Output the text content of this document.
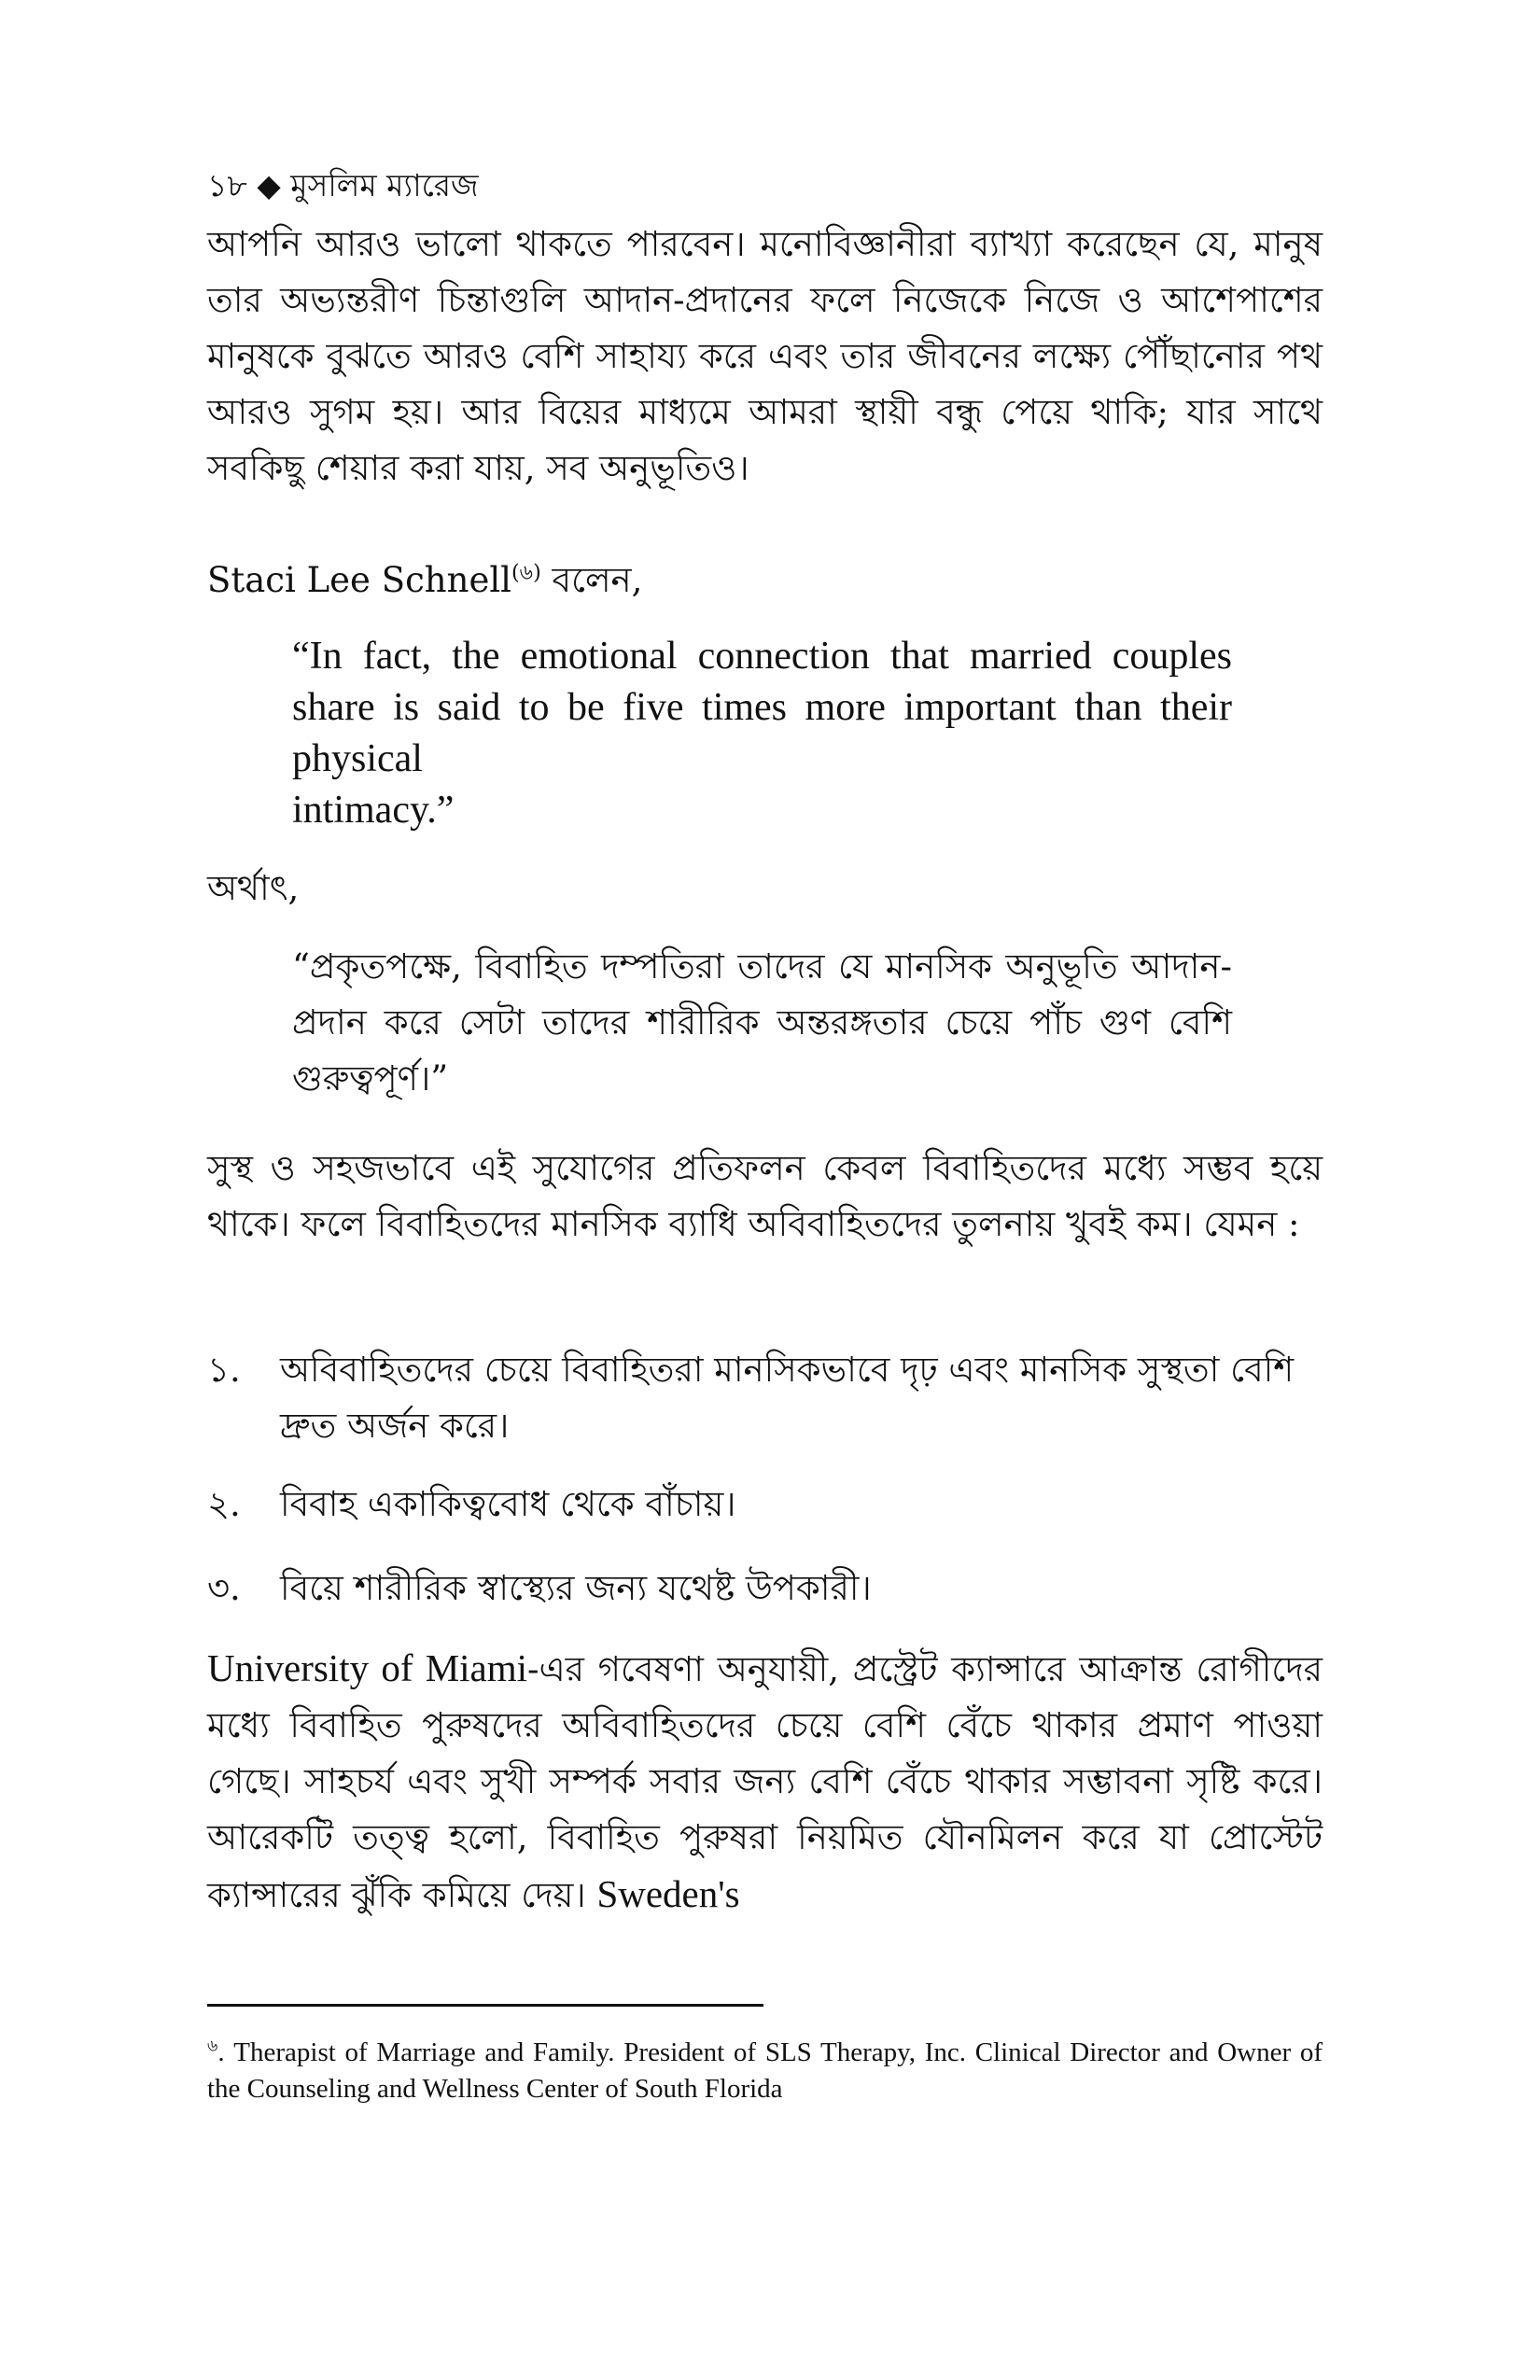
১৮ ◆ মুসলিম ম্যারেজ
আপনি আরও ভালো থাকতে পারবেন। মনোবিজ্ঞানীরা ব্যাখ্যা করেছেন যে, মানুষ তার অভ্যন্তরীণ চিন্তাগুলি আদান-প্রদানের ফলে নিজেকে নিজে ও আশেপাশের মানুষকে বুঝতে আরও বেশি সাহায্য করে এবং তার জীবনের লক্ষ্যে পৌঁছানোর পথ আরও সুগম হয়। আর বিয়ের মাধ্যমে আমরা স্থায়ী বন্ধু পেয়ে থাকি; যার সাথে সবকিছু শেয়ার করা যায়, সব অনুভূতিও।
Staci Lee Schnell$^{(৬)}$ বলেন,
“In fact, the emotional connection that married couples share is said to be five times more important than their physical
intimacy.”
অর্থাৎ,
“প্রকৃতপক্ষে, বিবাহিত দম্পতিরা তাদের যে মানসিক অনুভূতি আদান-প্রদান করে সেটা তাদের শারীরিক অন্তরঙ্গতার চেয়ে পাঁচ গুণ বেশি গুরুত্বপূর্ণ।”
সুস্থ ও সহজভাবে এই সুযোগের প্রতিফলন কেবল বিবাহিতদের মধ্যে সম্ভব হয়ে থাকে। ফলে বিবাহিতদের মানসিক ব্যাধি অবিবাহিতদের তুলনায় খুবই কম। যেমন :
১. অবিবাহিতদের চেয়ে বিবাহিতরা মানসিকভাবে দৃঢ় এবং মানসিক সুস্থতা বেশি দ্রুত অর্জন করে।
২. বিবাহ একাকিত্ববোধ থেকে বাঁচায়।
৩. বিয়ে শারীরিক স্বাস্থ্যের জন্য যথেষ্ট উপকারী।
University of Miami-এর গবেষণা অনুযায়ী, প্রস্ট্রেট ক্যান্সারে আক্রান্ত রোগীদের মধ্যে বিবাহিত পুরুষদের অবিবাহিতদের চেয়ে বেশি বেঁচে থাকার প্রমাণ পাওয়া গেছে। সাহচর্য এবং সুখী সম্পর্ক সবার জন্য বেশি বেঁচে থাকার সম্ভাবনা সৃষ্টি করে। আরেকটি তত্ত্ব হলো, বিবাহিত পুরুষরা নিয়মিত যৌনমিলন করে যা প্রোস্টেট ক্যান্সারের ঝুঁকি কমিয়ে দেয়। Sweden's
$^৬$. Therapist of Marriage and Family. President of SLS Therapy, Inc. Clinical Director and Owner of the Counseling and Wellness Center of South Florida
